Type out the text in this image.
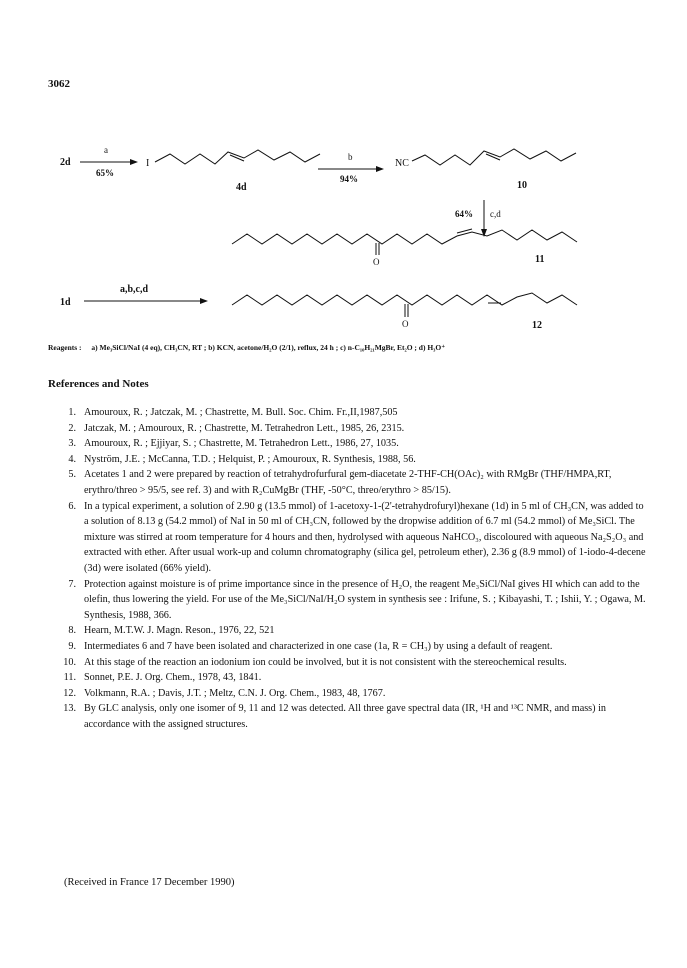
3062
2d
a
65%
I
4d
b
94%
NC
10
64% c,d
O	11
1d
a,b,c,d
O	12
Reagents : a) Me₃SiCl/NaI (4 eq), CH₃CN, RT ; b) KCN, acetone/H₂O (2/1), reflux, 24 h ; c) n-C₁₀H₂₁MgBr, Et₂O ; d) H₃O⁺
References and Notes
1. Amouroux, R. ; Jatczak, M. ; Chastrette, M. Bull. Soc. Chim. Fr.,II,1987,505
2. Jatczak, M. ; Amouroux, R. ; Chastrette, M. Tetrahedron Lett., 1985, 26, 2315.
3. Amouroux, R. ; Ejjiyar, S. ; Chastrette, M. Tetrahedron Lett., 1986, 27, 1035.
4. Nyström, J.E. ; McCanna, T.D. ; Helquist, P. ; Amouroux, R. Synthesis, 1988, 56.
5. Acetates 1 and 2 were prepared by reaction of tetrahydrofurfural gem-diacetate 2-THF-CH(OAc)₂ with RMgBr (THF/HMPA,RT, erythro/threo > 95/5, see ref. 3) and with R₂CuMgBr (THF, -50°C, threo/erythro > 85/15).
6. In a typical experiment, a solution of 2.90 g (13.5 mmol) of 1-acetoxy-1-(2'-tetrahydrofuryl)hexane (1d) in 5 ml of CH₃CN, was added to a solution of 8.13 g (54.2 mmol) of NaI in 50 ml of CH₃CN, followed by the dropwise addition of 6.7 ml (54.2 mmol) of Me₃SiCl. The mixture was stirred at room temperature for 4 hours and then, hydrolysed with aqueous NaHCO₃, discoloured with aqueous Na₂S₂O₃ and extracted with ether. After usual work-up and column chromatography (silica gel, petroleum ether), 2.36 g (8.9 mmol) of 1-iodo-4-decene (3d) were isolated (66% yield).
7. Protection against moisture is of prime importance since in the presence of H₂O, the reagent Me₃SiCl/NaI gives HI which can add to the olefin, thus lowering the yield. For use of the Me₃SiCl/NaI/H₂O system in synthesis see : Irifune, S. ; Kibayashi, T. ; Ishii, Y. ; Ogawa, M. Synthesis, 1988, 366.
8. Hearn, M.T.W. J. Magn. Reson., 1976, 22, 521
9. Intermediates 6 and 7 have been isolated and characterized in one case (1a, R = CH₃) by using a default of reagent.
10. At this stage of the reaction an iodonium ion could be involved, but it is not consistent with the stereochemical results.
11. Sonnet, P.E. J. Org. Chem., 1978, 43, 1841.
12. Volkmann, R.A. ; Davis, J.T. ; Meltz, C.N. J. Org. Chem., 1983, 48, 1767.
13. By GLC analysis, only one isomer of 9, 11 and 12 was detected. All three gave spectral data (IR, ¹H and ¹³C NMR, and mass) in accordance with the assigned structures.
(Received in France 17 December 1990)
